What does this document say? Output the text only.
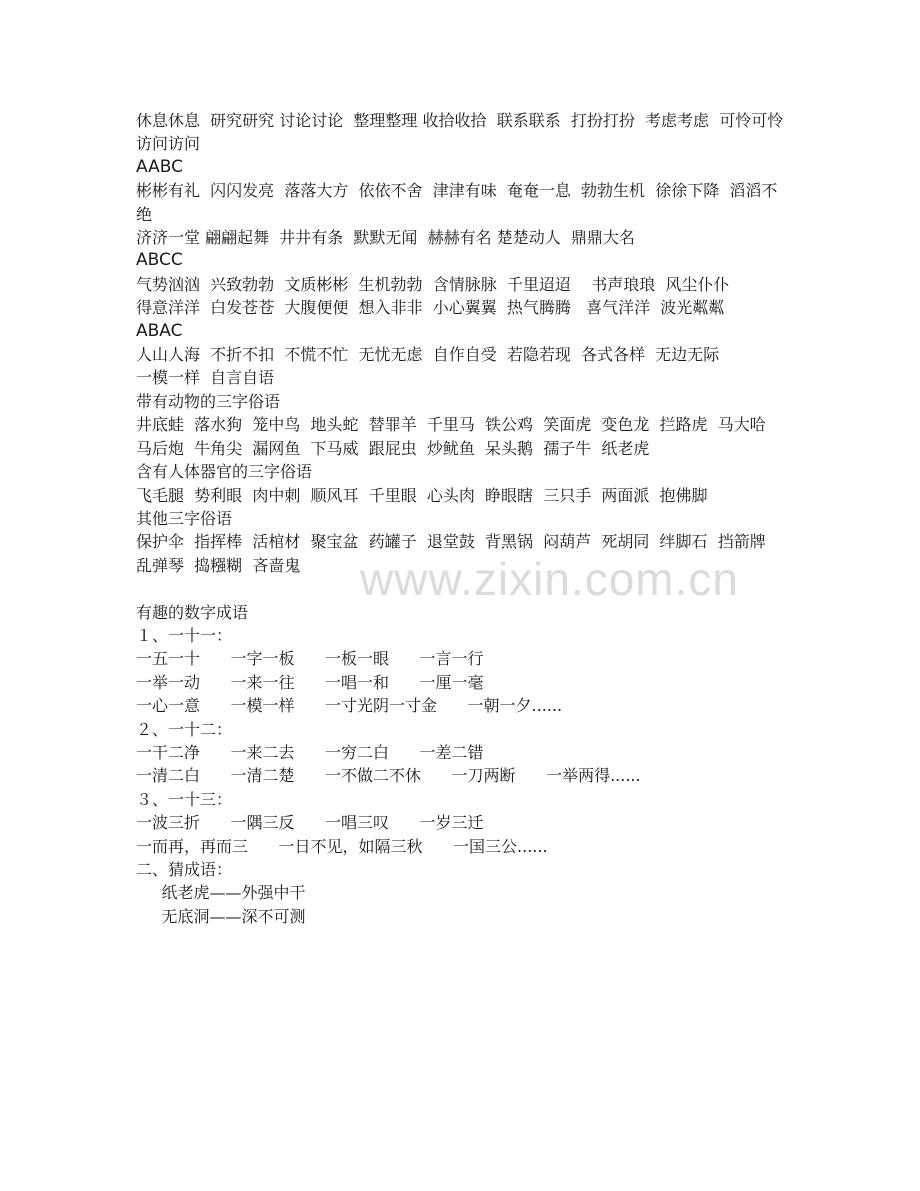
休息休息  研究研究 讨论讨论  整理整理 收拾收拾  联系联系  打扮打扮  考虑考虑  可怜可怜
访问访问
AABC
彬彬有礼  闪闪发亮  落落大方  依依不舍  津津有味  奄奄一息  勃勃生机  徐徐下降  滔滔不绝
济济一堂 翩翩起舞  井井有条  默默无闻  赫赫有名 楚楚动人  鼎鼎大名
ABCC
气势汹汹  兴致勃勃  文质彬彬  生机勃勃  含情脉脉  千里迢迢    书声琅琅  风尘仆仆
得意洋洋  白发苍苍  大腹便便  想入非非  小心翼翼  热气腾腾   喜气洋洋  波光粼粼
ABAC
人山人海  不折不扣  不慌不忙  无忧无虑  自作自受  若隐若现  各式各样  无边无际
一模一样  自言自语
带有动物的三字俗语
井底蛙  落水狗  笼中鸟  地头蛇  替罪羊  千里马  铁公鸡  笑面虎  变色龙  拦路虎  马大哈  马后炮  牛角尖  漏网鱼  下马威  跟屁虫  炒鱿鱼  呆头鹅  孺子牛  纸老虎
含有人体器官的三字俗语
飞毛腿  势利眼  肉中刺  顺风耳  千里眼  心头肉  睁眼瞎  三只手  两面派  抱佛脚
其他三字俗语
保护伞  指挥棒  活棺材  聚宝盆  药罐子  退堂鼓  背黑锅  闷葫芦  死胡同  绊脚石  挡箭牌  乱弹琴  捣糨糊  吝啬鬼
有趣的数字成语
１、一十一：
一五一十      一字一板      一板一眼      一言一行
一举一动      一来一往      一唱一和      一厘一毫
一心一意      一模一样      一寸光阴一寸金      一朝一夕......
２、一十二：
一干二净      一来二去      一穷二白      一差二错
一清二白      一清二楚      一不做二不休      一刀两断      一举两得......
３、一十三：
一波三折      一隅三反      一唱三叹      一岁三迁
一而再，再而三      一日不见，如隔三秋      一国三公......
二、猜成语：
纸老虎——外强中干
无底洞——深不可测
www.zixin.com.cn
